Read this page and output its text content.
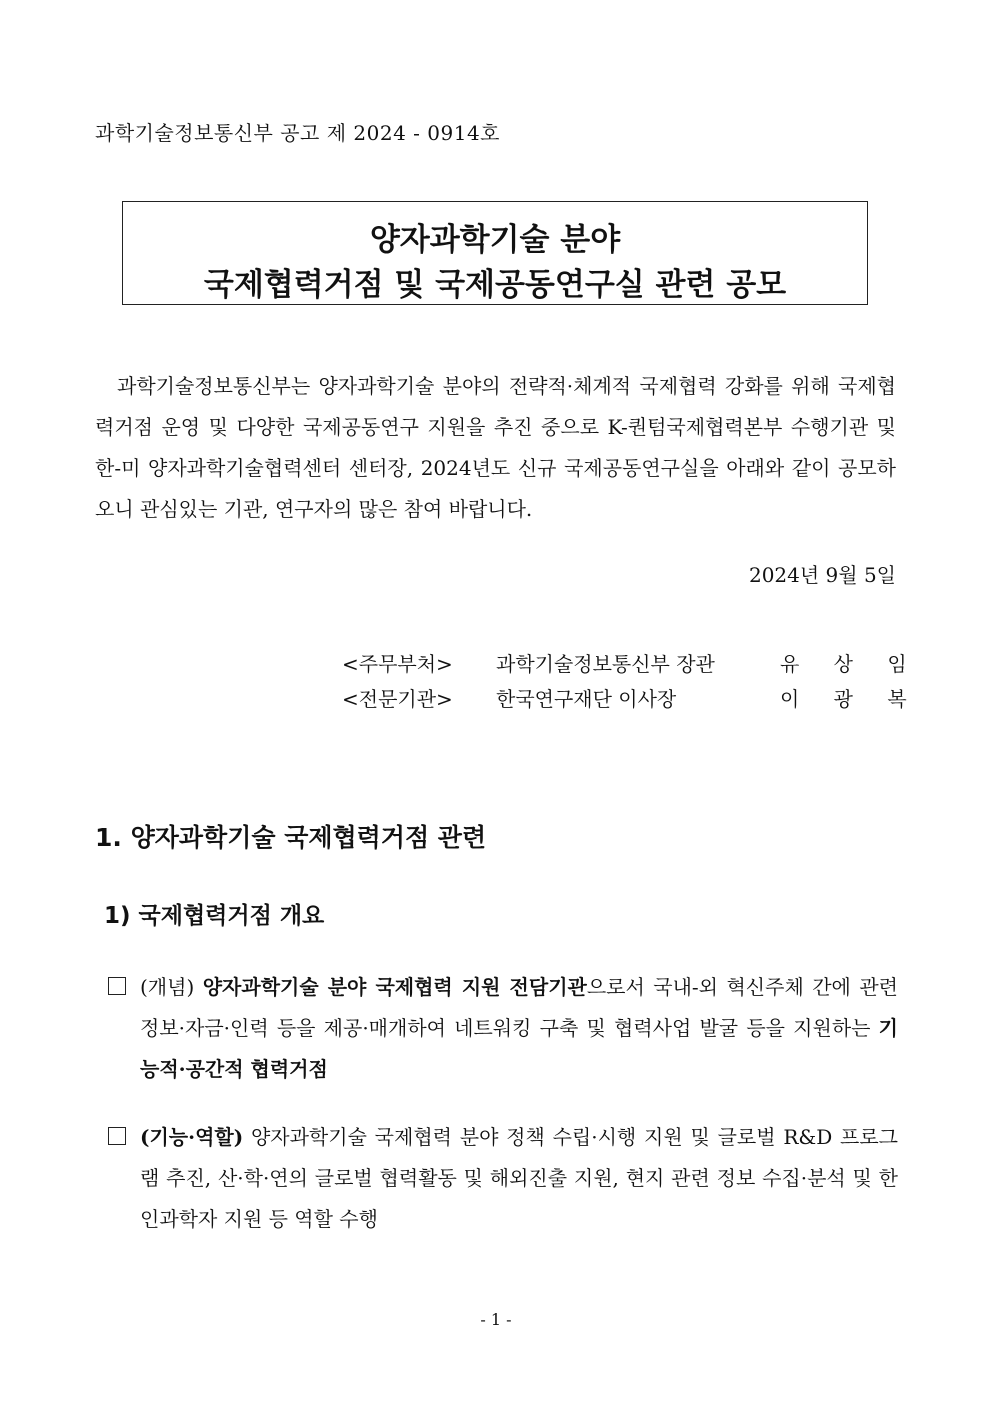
과학기술정보통신부 공고 제 2024 - 0914호
양자과학기술 분야
국제협력거점 및 국제공동연구실 관련 공모

과학기술정보통신부는 양자과학기술 분야의 전략적·체계적 국제협력 강화를 위해 국제협력거점 운영 및 다양한 국제공동연구 지원을 추진 중으로 K-퀀텀국제협력본부 수행기관 및 한-미 양자과학기술협력센터 센터장, 2024년도 신규 국제공동연구실을 아래와 같이 공모하오니 관심있는 기관, 연구자의 많은 참여 바랍니다.

2024년 9월 5일
<주무부처> 과학기술정보통신부 장관	유 상 임
<전문기관> 한국연구재단 이사장	이 광 복
1. 양자과학기술 국제협력거점 관련
1) 국제협력거점 개요

(개념) 양자과학기술 분야 국제협력 지원 전담기관으로서 국내-외 혁신주체 간에 관련 정보·자금·인력 등을 제공·매개하여 네트워킹 구축 및 협력사업 발굴 등을 지원하는 기능적·공간적 협력거점

(기능·역할) 양자과학기술 국제협력 분야 정책 수립·시행 지원 및 글로벌 R&D 프로그램 추진, 산·학·연의 글로벌 협력활동 및 해외진출 지원, 현지 관련 정보 수집·분석 및 한인과학자 지원 등 역할 수행

- 1 -
